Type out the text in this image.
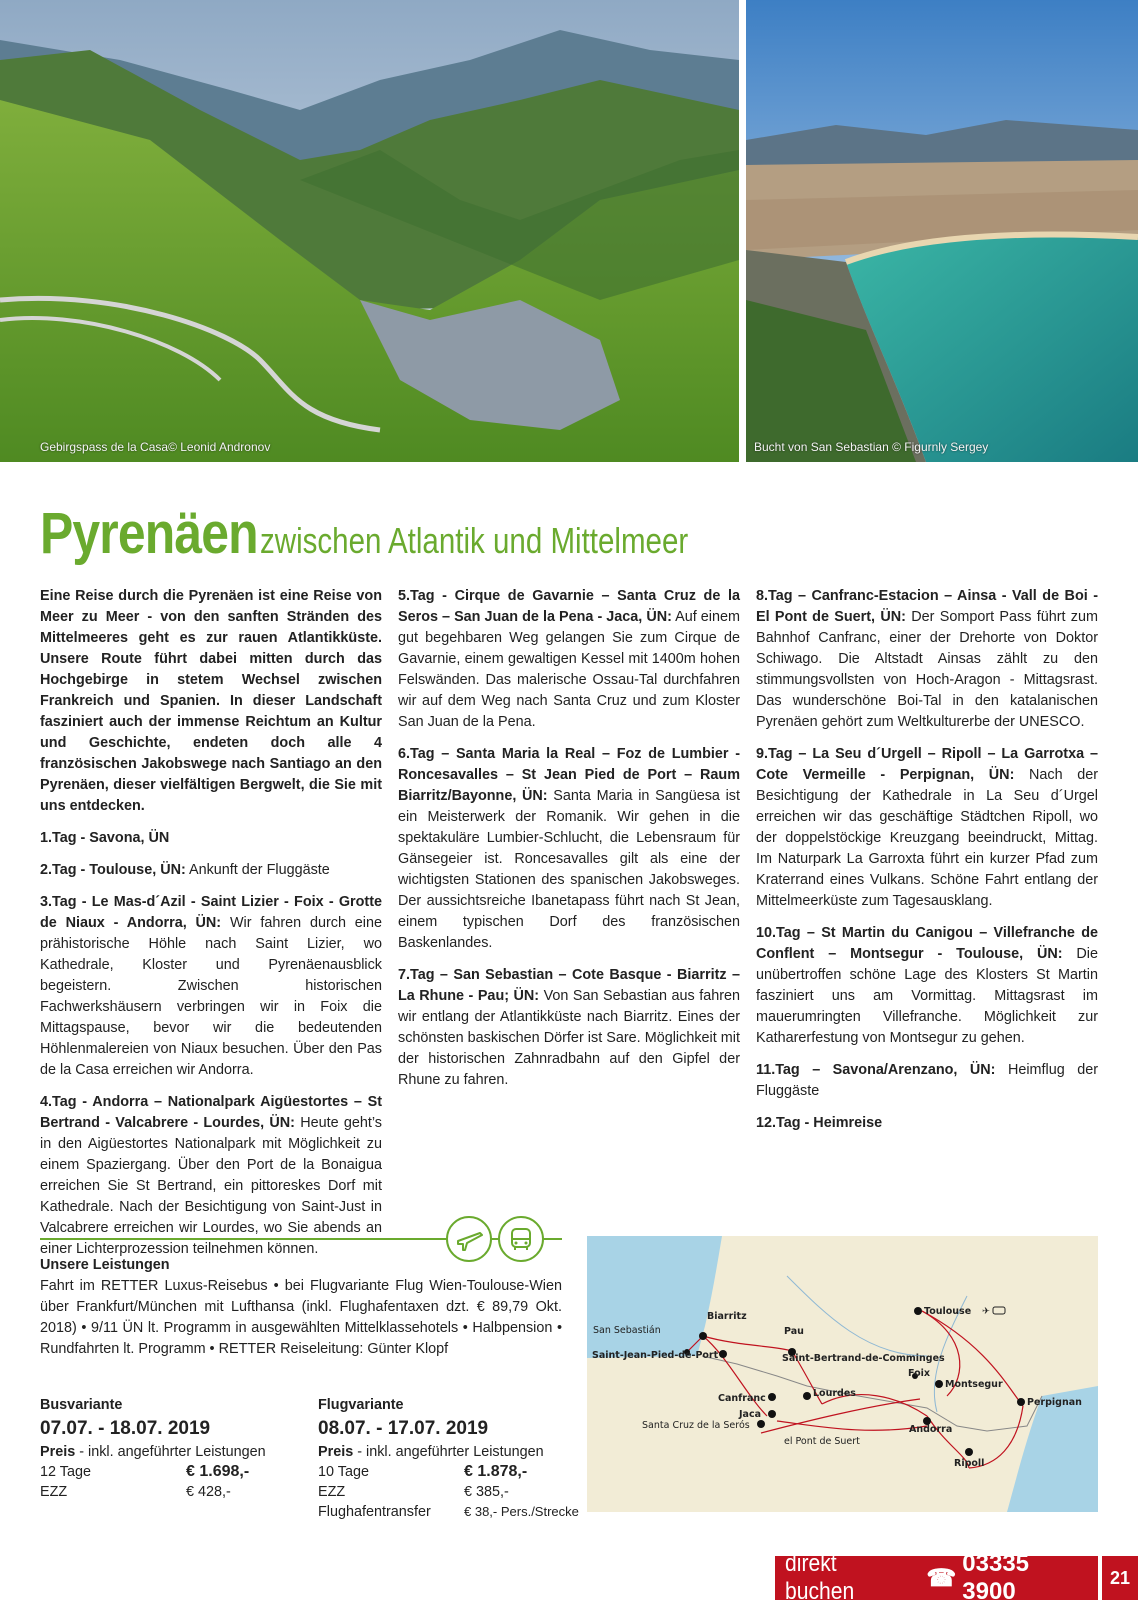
Gebirgspass de la Casa© Leonid Andronov	Bucht von San Sebastian © Figurnly Sergey
Pyrenäen zwischen Atlantik und Mittelmeer

Eine Reise durch die Pyrenäen ist eine Reise von Meer zu Meer - von den sanften Stränden des Mittelmeeres geht es zur rauen Atlantikküste. Unsere Route führt dabei mitten durch das Hochgebirge in stetem Wechsel zwischen Frankreich und Spanien. In dieser Landschaft fasziniert auch der immense Reichtum an Kultur und Geschichte, endeten doch alle 4 französischen Jakobswege nach Santiago an den Pyrenäen, dieser vielfältigen Bergwelt, die Sie mit uns entdecken.

1.Tag - Savona, ÜN

2.Tag - Toulouse, ÜN: Ankunft der Fluggäste

3.Tag - Le Mas-d´Azil - Saint Lizier - Foix - Grotte de Niaux - Andorra, ÜN: Wir fahren durch eine prähistorische Höhle nach Saint Lizier, wo Kathedrale, Kloster und Pyrenäenausblick begeistern. Zwischen historischen Fachwerkshäusern verbringen wir in Foix die Mittagspause, bevor wir die bedeutenden Höhlenmalereien von Niaux besuchen. Über den Pas de la Casa erreichen wir Andorra.

4.Tag - Andorra – Nationalpark Aigüestortes – St Bertrand - Valcabrere - Lourdes, ÜN: Heute geht’s in den Aigüestortes Nationalpark mit Möglichkeit zu einem Spaziergang. Über den Port de la Bonaigua erreichen Sie St Bertrand, ein pittoreskes Dorf mit Kathedrale. Nach der Besichtigung von Saint-Just in Valcabrere erreichen wir Lourdes, wo Sie abends an einer Lichterprozession teilnehmen können.

5.Tag - Cirque de Gavarnie – Santa Cruz de la Seros – San Juan de la Pena - Jaca, ÜN: Auf einem gut begehbaren Weg gelangen Sie zum Cirque de Gavarnie, einem gewaltigen Kessel mit 1400m hohen Felswänden. Das malerische Ossau-Tal durchfahren wir auf dem Weg nach Santa Cruz und zum Kloster San Juan de la Pena.

6.Tag – Santa Maria la Real – Foz de Lumbier - Roncesavalles – St Jean Pied de Port – Raum Biarritz/Bayonne, ÜN: Santa Maria in Sangüesa ist ein Meisterwerk der Romanik. Wir gehen in die spektakuläre Lumbier-Schlucht, die Lebensraum für Gänsegeier ist. Roncesavalles gilt als eine der wichtigsten Stationen des spanischen Jakobsweges. Der aussichtsreiche Ibanetapass führt nach St Jean, einem typischen Dorf des französischen Baskenlandes.

7.Tag – San Sebastian – Cote Basque - Biarritz – La Rhune - Pau; ÜN: Von San Sebastian aus fahren wir entlang der Atlantikküste nach Biarritz. Eines der schönsten baskischen Dörfer ist Sare. Möglichkeit mit der historischen Zahnradbahn auf den Gipfel der Rhune zu fahren.

8.Tag – Canfranc-Estacion – Ainsa - Vall de Boi - El Pont de Suert, ÜN: Der Somport Pass führt zum Bahnhof Canfranc, einer der Drehorte von Doktor Schiwago. Die Altstadt Ainsas zählt zu den stimmungsvollsten von Hoch-Aragon - Mittagsrast. Das wunderschöne Boi-Tal in den katalanischen Pyrenäen gehört zum Weltkulturerbe der UNESCO.

9.Tag – La Seu d´Urgell – Ripoll – La Garrotxa – Cote Vermeille - Perpignan, ÜN: Nach der Besichtigung der Kathedrale in La Seu d´Urgel erreichen wir das geschäftige Städtchen Ripoll, wo der doppelstöckige Kreuzgang beeindruckt, Mittag. Im Naturpark La Garroxta führt ein kurzer Pfad zum Kraterrand eines Vulkans. Schöne Fahrt entlang der Mittelmeerküste zum Tagesausklang.

10.Tag – St Martin du Canigou – Villefranche de Conflent – Montsegur - Toulouse, ÜN: Die unübertroffen schöne Lage des Klosters St Martin fasziniert uns am Vormittag. Mittagsrast im mauerumringten Villefranche. Möglichkeit zur Katharerfestung von Montsegur zu gehen.

11.Tag – Savona/Arenzano, ÜN: Heimflug der Fluggäste

12.Tag - Heimreise

Unsere Leistungen
Fahrt im RETTER Luxus-Reisebus • bei Flugvariante Flug Wien-Toulouse-Wien über Frankfurt/München mit Lufthansa (inkl. Flughafentaxen dzt. € 89,79 Okt. 2018) • 9/11 ÜN lt. Programm in ausgewählten Mittelklassehotels • Halbpension • Rundfahrten lt. Programm • RETTER Reiseleitung: Günter Klopf
Busvariante
07.07. - 18.07. 2019
Preis - inkl. angeführter Leistungen
12 Tage	€ 1.698,-
EZZ	€ 428,-
Flugvariante
08.07. - 17.07. 2019
Preis - inkl. angeführter Leistungen
10 Tage	€ 1.878,-
EZZ	€ 385,-
Flughafentransfer	€ 38,- Pers./Strecke
Biarritz
San Sebastián	Pau
Toulouse ✈
Saint-Jean-Pied-de-Port	Saint-Bertrand-de-Comminges
Foix
Montsegur
Canfranc	Lourdes
Perpignan
Jaca
Santa Cruz de la Serós	Andorra
el Pont de Suert
Ripoll
direkt buchen	☎
03335 3900
21
